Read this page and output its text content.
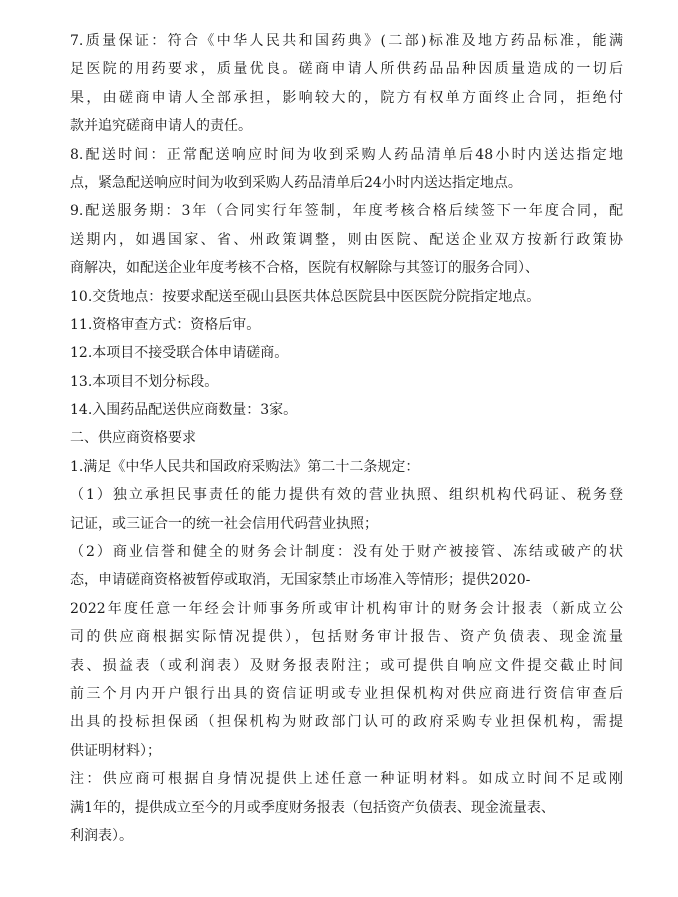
7.质量保证：符合《中华人民共和国药典》(二部)标准及地方药品标准，能满
足医院的用药要求，质量优良。磋商申请人所供药品品种因质量造成的一切后
果，由磋商申请人全部承担，影响较大的，院方有权单方面终止合同，拒绝付
款并追究磋商申请人的责任。
8.配送时间：正常配送响应时间为收到采购人药品清单后48小时内送达指定地
点，紧急配送响应时间为收到采购人药品清单后24小时内送达指定地点。
9.配送服务期：3年（合同实行年签制，年度考核合格后续签下一年度合同，配
送期内，如遇国家、省、州政策调整，则由医院、配送企业双方按新行政策协
商解决，如配送企业年度考核不合格，医院有权解除与其签订的服务合同）、
10.交货地点：按要求配送至砚山县医共体总医院县中医医院分院指定地点。
11.资格审查方式：资格后审。
12.本项目不接受联合体申请磋商。
13.本项目不划分标段。
14.入围药品配送供应商数量：3家。
二、供应商资格要求
1.满足《中华人民共和国政府采购法》第二十二条规定：
（1）独立承担民事责任的能力提供有效的营业执照、组织机构代码证、税务登
记证，或三证合一的统一社会信用代码营业执照；
（2）商业信誉和健全的财务会计制度：没有处于财产被接管、冻结或破产的状
态，申请磋商资格被暂停或取消，无国家禁止市场准入等情形；提供2020-
2022年度任意一年经会计师事务所或审计机构审计的财务会计报表（新成立公
司的供应商根据实际情况提供），包括财务审计报告、资产负债表、现金流量
表、损益表（或利润表）及财务报表附注；或可提供自响应文件提交截止时间
前三个月内开户银行出具的资信证明或专业担保机构对供应商进行资信审查后
出具的投标担保函（担保机构为财政部门认可的政府采购专业担保机构，需提
供证明材料）；
注：供应商可根据自身情况提供上述任意一种证明材料。如成立时间不足或刚
满1年的，提供成立至今的月或季度财务报表（包括资产负债表、现金流量表、
利润表）。
